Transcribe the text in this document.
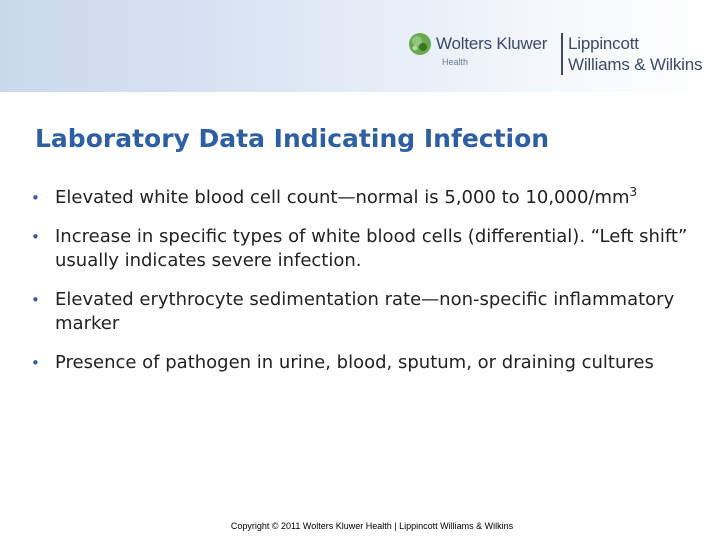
Wolters Kluwer
Health
Lippincott
Williams & Wilkins
Laboratory Data Indicating Infection
• Elevated white blood cell count—normal is 5,000 to $10,000/mm^3$
• Increase in specific types of white blood cells (differential). “Left shift” usually indicates severe infection.
• Elevated erythrocyte sedimentation rate—non-specific inflammatory marker
• Presence of pathogen in urine, blood, sputum, or draining cultures
Copyright © 2011 Wolters Kluwer Health | Lippincott Williams & Wilkins
